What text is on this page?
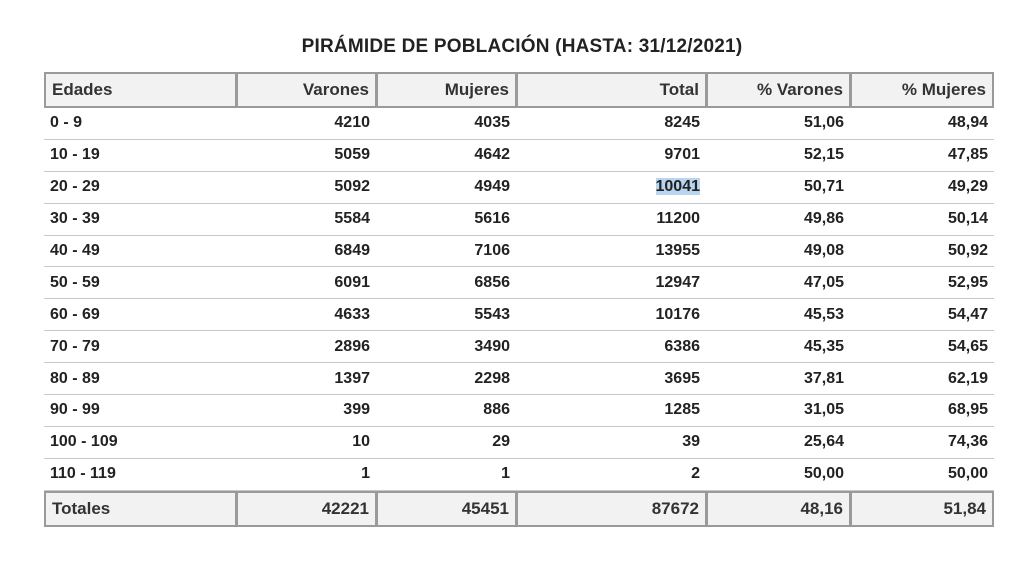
PIRÁMIDE DE POBLACIÓN (HASTA: 31/12/2021)
Edades	Varones	Mujeres	Total	% Varones	% Mujeres
0 - 9	4210	4035	8245	51,06	48,94
10 - 19	5059	4642	9701	52,15	47,85
20 - 29	5092	4949	10041	50,71	49,29
30 - 39	5584	5616	11200	49,86	50,14
40 - 49	6849	7106	13955	49,08	50,92
50 - 59	6091	6856	12947	47,05	52,95
60 - 69	4633	5543	10176	45,53	54,47
70 - 79	2896	3490	6386	45,35	54,65
80 - 89	1397	2298	3695	37,81	62,19
90 - 99	399	886	1285	31,05	68,95
100 - 109	10	29	39	25,64	74,36
110 - 119	1	1	2	50,00	50,00
Totales	42221	45451	87672	48,16	51,84
